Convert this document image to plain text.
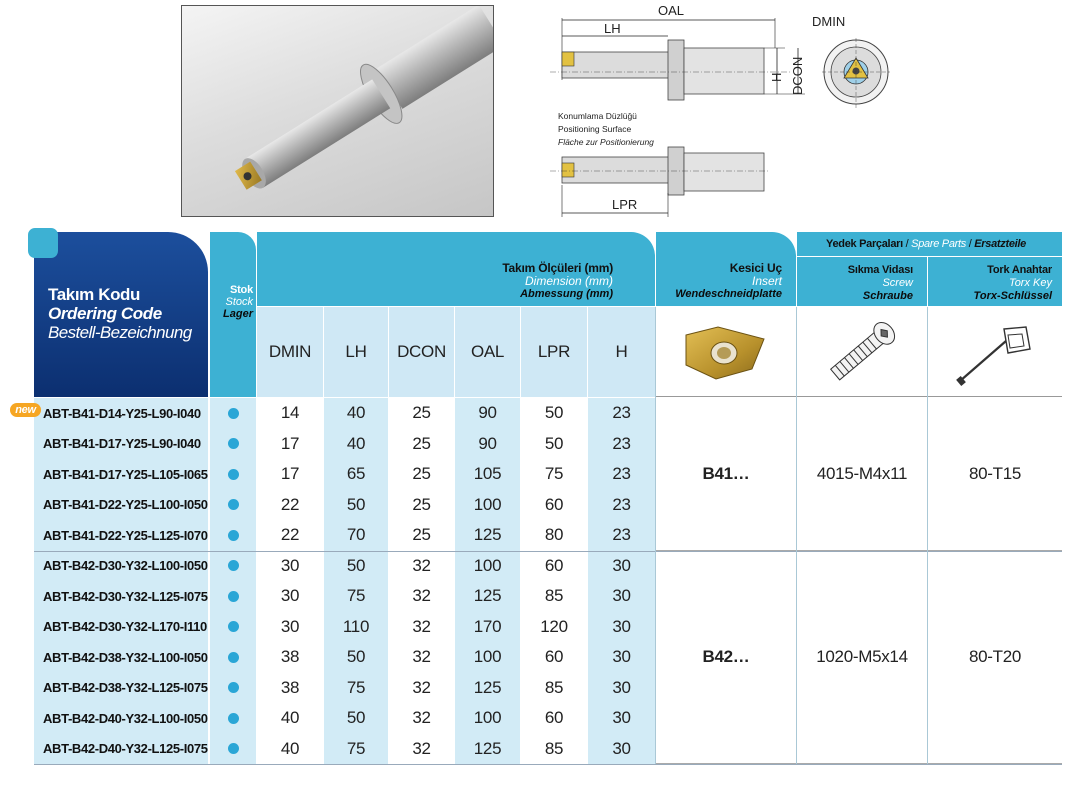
OAL
LH
H DCON
DMIN
Konumlama Düzlüğü
Positioning Surface
Fläche zur Positionierung
LPR
Takım Kodu
Ordering Code
Bestell-Bezeichnung
Stok
Stock
Lager
Takım Ölçüleri (mm)
Dimension (mm)
Abmessung (mm)
Kesici Uç
Insert
Wendeschneidplatte
Yedek Parçaları / Spare Parts / Ersatzteile
Sıkma Vidası
Screw
Schraube
Tork Anahtar
Torx Key
Torx-Schlüssel
DMIN	LH	DCON	OAL	LPR	H
ABT-B41-D14-Y25-L90-I040	14	40	25	90	50	23
ABT-B41-D17-Y25-L90-I040	17	40	25	90	50	23
ABT-B41-D17-Y25-L105-I065	17	65	25	105	75	23
ABT-B41-D22-Y25-L100-I050	22	50	25	100	60	23
ABT-B41-D22-Y25-L125-I070	22	70	25	125	80	23
ABT-B42-D30-Y32-L100-I050	30	50	32	100	60	30
ABT-B42-D30-Y32-L125-I075	30	75	32	125	85	30
ABT-B42-D30-Y32-L170-I110	30	110	32	170	120	30
ABT-B42-D38-Y32-L100-I050	38	50	32	100	60	30
ABT-B42-D38-Y32-L125-I075	38	75	32	125	85	30
ABT-B42-D40-Y32-L100-I050	40	50	32	100	60	30
ABT-B42-D40-Y32-L125-I075	40	75	32	125	85	30
B41…	4015-M4x11	80-T15
B42…	1020-M5x14	80-T20
new
